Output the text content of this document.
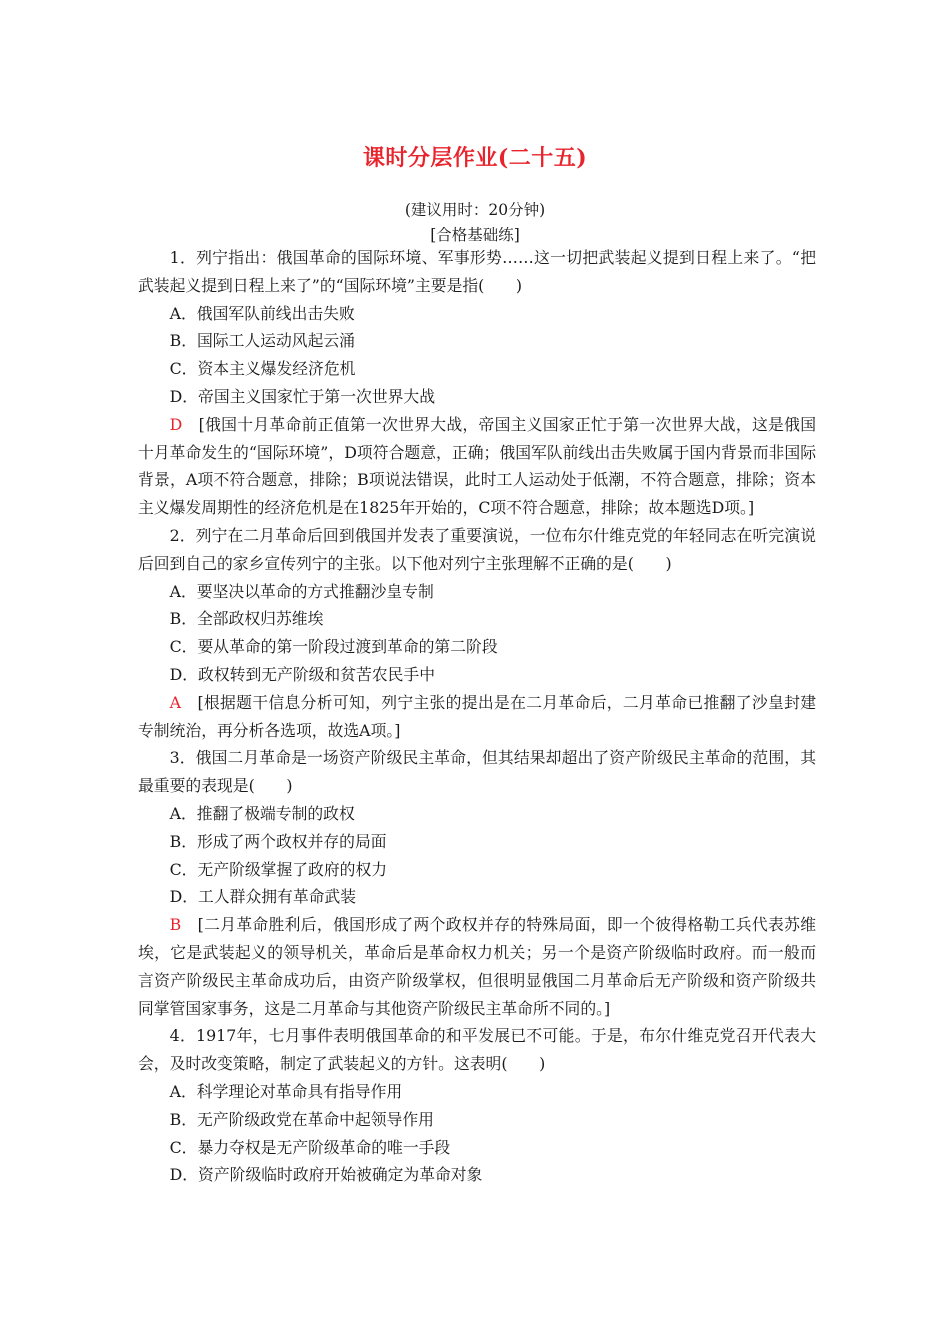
课时分层作业(二十五)
(建议用时：20分钟)
[合格基础练]

1．列宁指出：俄国革命的国际环境、军事形势……这一切把武装起义提到日程上来了。“把武装起义提到日程上来了”的“国际环境”主要是指(　　)

A．俄国军队前线出击失败

B．国际工人运动风起云涌

C．资本主义爆发经济危机

D．帝国主义国家忙于第一次世界大战

D　[俄国十月革命前正值第一次世界大战，帝国主义国家正忙于第一次世界大战，这是俄国十月革命发生的“国际环境”，D项符合题意，正确；俄国军队前线出击失败属于国内背景而非国际背景，A项不符合题意，排除；B项说法错误，此时工人运动处于低潮，不符合题意，排除；资本主义爆发周期性的经济危机是在1825年开始的，C项不符合题意，排除；故本题选D项。]

2．列宁在二月革命后回到俄国并发表了重要演说，一位布尔什维克党的年轻同志在听完演说后回到自己的家乡宣传列宁的主张。以下他对列宁主张理解不正确的是(　　)

A．要坚决以革命的方式推翻沙皇专制

B．全部政权归苏维埃

C．要从革命的第一阶段过渡到革命的第二阶段

D．政权转到无产阶级和贫苦农民手中

A　[根据题干信息分析可知，列宁主张的提出是在二月革命后，二月革命已推翻了沙皇封建专制统治，再分析各选项，故选A项。]

3．俄国二月革命是一场资产阶级民主革命，但其结果却超出了资产阶级民主革命的范围，其最重要的表现是(　　)

A．推翻了极端专制的政权

B．形成了两个政权并存的局面

C．无产阶级掌握了政府的权力

D．工人群众拥有革命武装

B　[二月革命胜利后，俄国形成了两个政权并存的特殊局面，即一个彼得格勒工兵代表苏维埃，它是武装起义的领导机关，革命后是革命权力机关；另一个是资产阶级临时政府。而一般而言资产阶级民主革命成功后，由资产阶级掌权，但很明显俄国二月革命后无产阶级和资产阶级共同掌管国家事务，这是二月革命与其他资产阶级民主革命所不同的。]

4．1917年，七月事件表明俄国革命的和平发展已不可能。于是，布尔什维克党召开代表大会，及时改变策略，制定了武装起义的方针。这表明(　　)

A．科学理论对革命具有指导作用

B．无产阶级政党在革命中起领导作用

C．暴力夺权是无产阶级革命的唯一手段

D．资产阶级临时政府开始被确定为革命对象
